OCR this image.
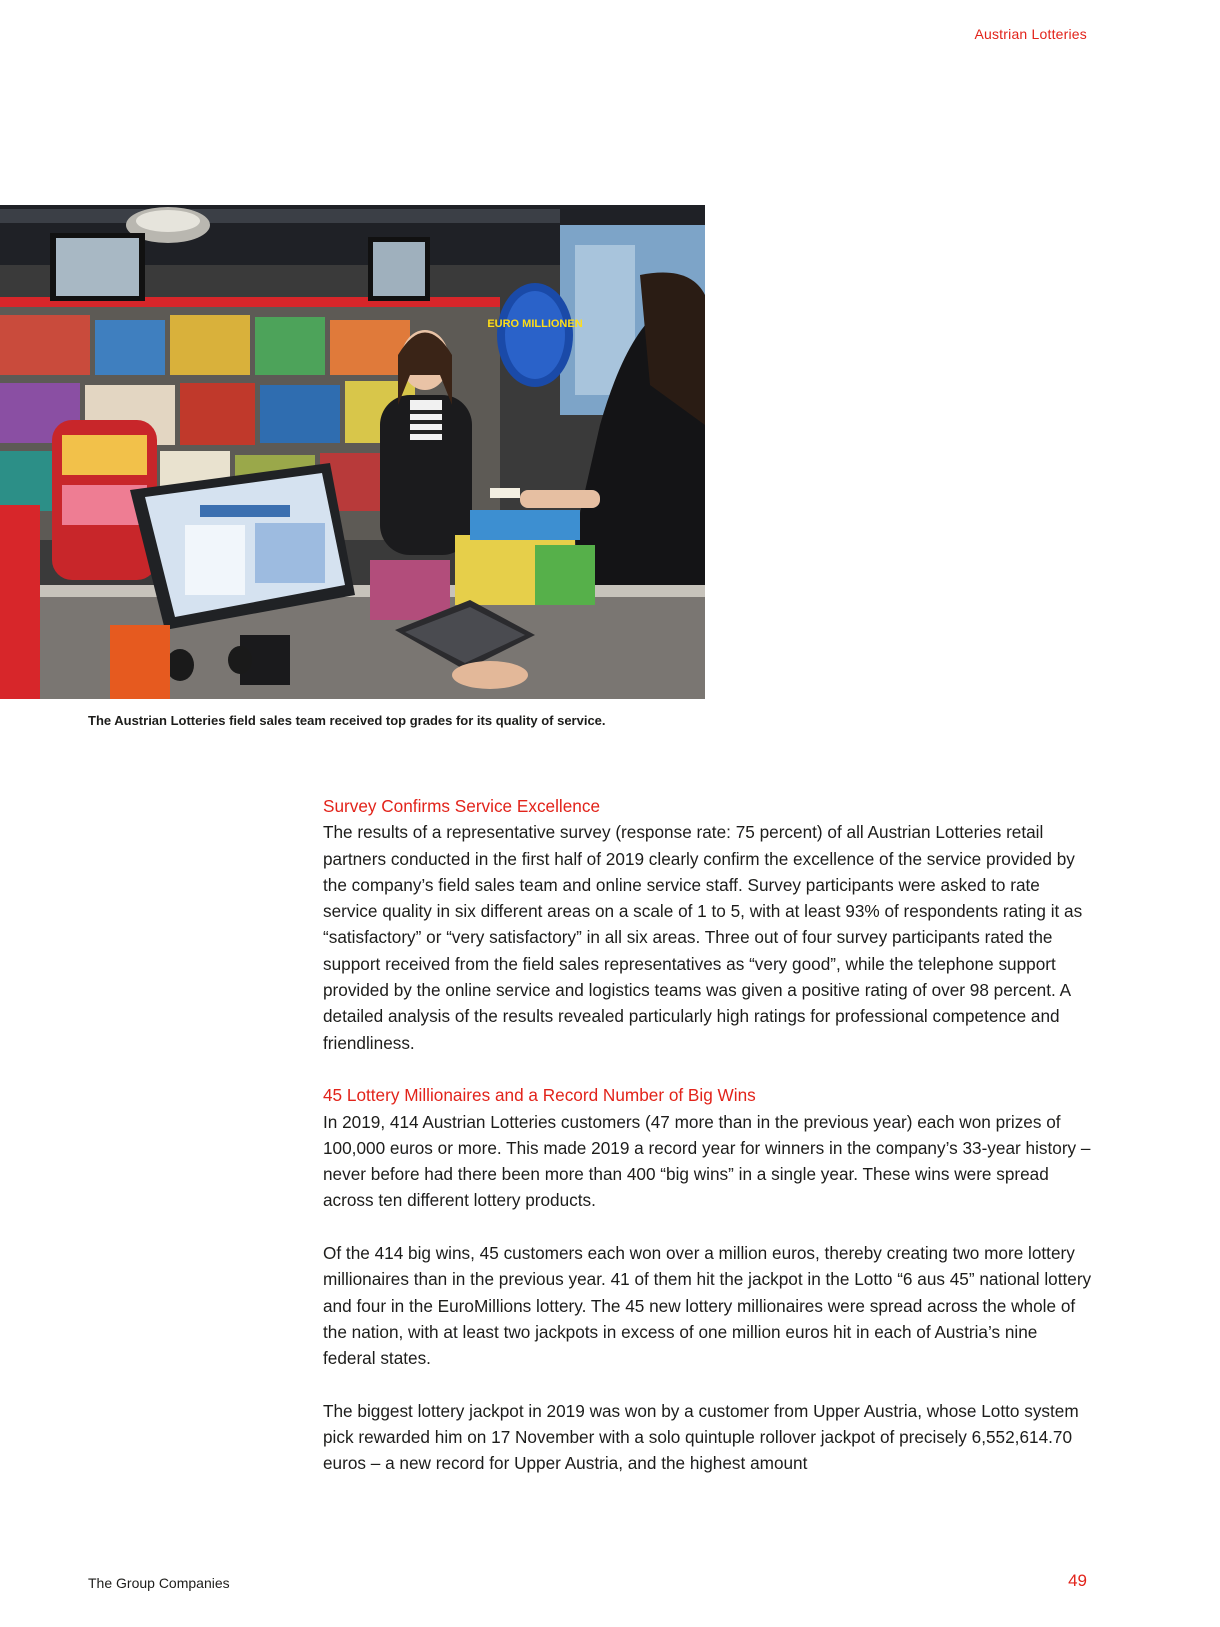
Austrian Lotteries
EURO MILLIONEN
The Austrian Lotteries field sales team received top grades for its quality of service.
Survey Confirms Service Excellence

The results of a representative survey (response rate: 75 percent) of all Austrian Lotteries retail partners conducted in the first half of 2019 clearly confirm the excellence of the service provided by the company’s field sales team and online service staff. Survey participants were asked to rate service quality in six different areas on a scale of 1 to 5, with at least 93% of respondents rating it as “satisfactory” or “very satisfactory” in all six areas. Three out of four survey participants rated the support received from the field sales representatives as “very good”, while the telephone support provided by the online service and logistics teams was given a positive rating of over 98 percent. A detailed analysis of the results revealed particularly high ratings for professional competence and friendliness.

45 Lottery Millionaires and a Record Number of Big Wins

In 2019, 414 Austrian Lotteries customers (47 more than in the previous year) each won prizes of 100,000 euros or more. This made 2019 a record year for winners in the company’s 33-year history – never before had there been more than 400 “big wins” in a single year. These wins were spread across ten different lottery products.

Of the 414 big wins, 45 customers each won over a million euros, thereby creating two more lottery millionaires than in the previous year. 41 of them hit the jackpot in the Lotto “6 aus 45” national lottery and four in the EuroMillions lottery. The 45 new lottery millionaires were spread across the whole of the nation, with at least two jackpots in excess of one million euros hit in each of Austria’s nine federal states.

The biggest lottery jackpot in 2019 was won by a customer from Upper Austria, whose Lotto system pick rewarded him on 17 November with a solo quintuple rollover jackpot of precisely 6,552,614.70 euros – a new record for Upper Austria, and the highest amount

The Group Companies	49
